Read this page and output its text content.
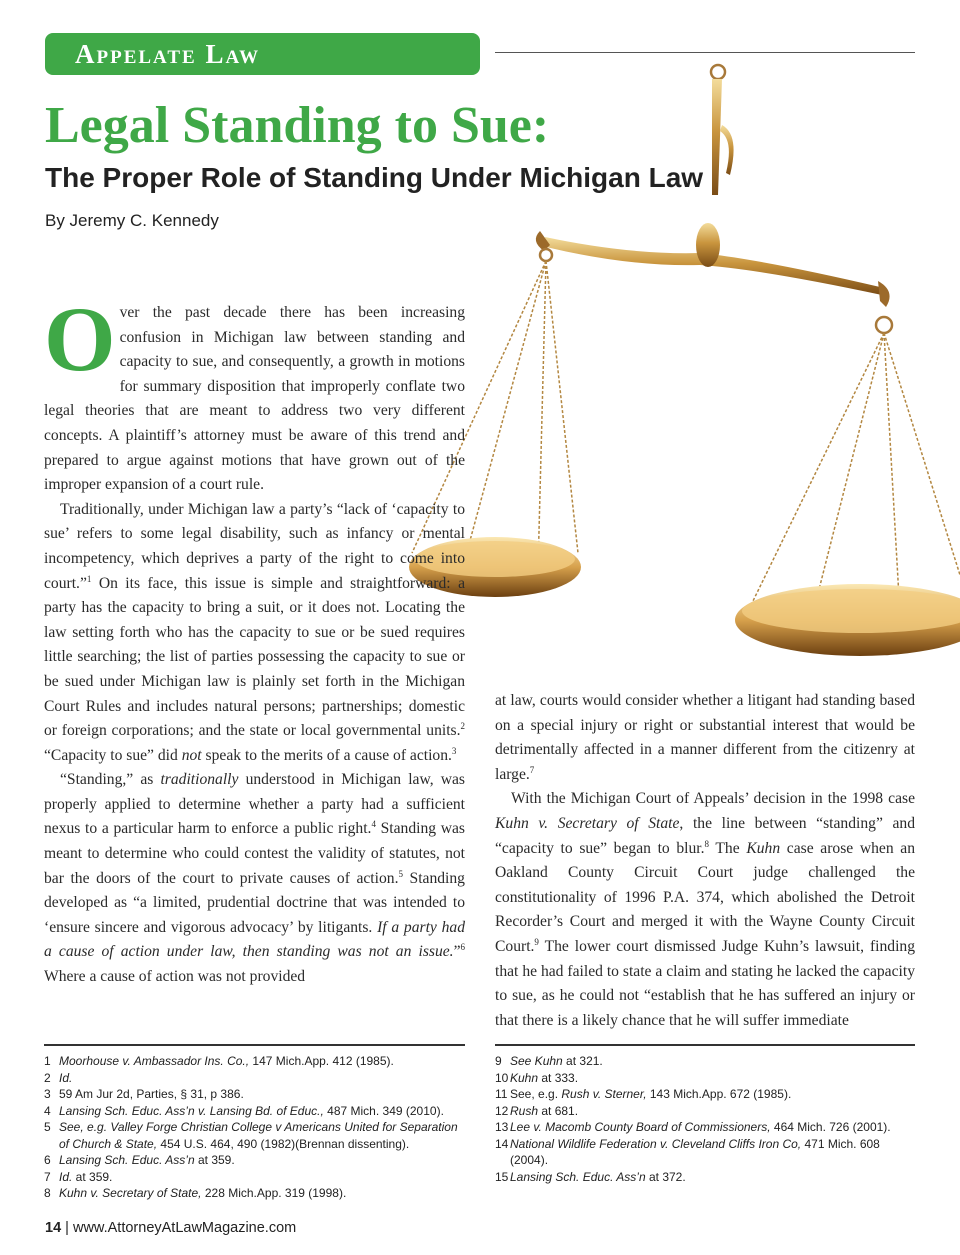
Appelate Law
Legal Standing to Sue:
The Proper Role of Standing Under Michigan Law
By Jeremy C. Kennedy

Over the past decade there has been increasing confusion in Michigan law between standing and capacity to sue, and consequently, a growth in motions for summary disposition that improperly conflate two legal theories that are meant to address two very different concepts. A plaintiff’s attorney must be aware of this trend and prepared to argue against motions that have grown out of the improper expansion of a court rule.

Traditionally, under Michigan law a party’s “lack of ‘capacity to sue’ refers to some legal disability, such as infancy or mental incompetency, which deprives a party of the right to come into court.”$^1$ On its face, this issue is simple and straightforward: a party has the capacity to bring a suit, or it does not. Locating the law setting forth who has the capacity to sue or be sued requires little searching; the list of parties possessing the capacity to sue or be sued under Michigan law is plainly set forth in the Michigan Court Rules and includes natural persons; partnerships; domestic or foreign corporations; and the state or local governmental units.$^2$ “Capacity to sue” did not speak to the merits of a cause of action.$^3$

“Standing,” as traditionally understood in Michigan law, was properly applied to determine whether a party had a sufficient nexus to a particular harm to enforce a public right.$^4$ Standing was meant to determine who could contest the validity of statutes, not bar the doors of the court to private causes of action.$^5$ Standing developed as “a limited, prudential doctrine that was intended to ‘ensure sincere and vigorous advocacy’ by litigants. If a party had a cause of action under law, then standing was not an issue.”$^6$ Where a cause of action was not provided

at law, courts would consider whether a litigant had standing based on a special injury or right or substantial interest that would be detrimentally affected in a manner different from the citizenry at large.$^7$

With the Michigan Court of Appeals’ decision in the 1998 case Kuhn v. Secretary of State, the line between “standing” and “capacity to sue” began to blur.$^8$ The Kuhn case arose when an Oakland County Circuit Court judge challenged the constitutionality of 1996 P.A. 374, which abolished the Detroit Recorder’s Court and merged it with the Wayne County Circuit Court.$^9$ The lower court dismissed Judge Kuhn’s lawsuit, finding that he had failed to state a claim and stating he lacked the capacity to sue, as he could not “establish that he has suffered an injury or that there is a likely chance that he will suffer immediate

1 Moorhouse v. Ambassador Ins. Co., 147 Mich.App. 412 (1985).
2 Id.
3 59 Am Jur 2d, Parties, § 31, p 386.
4 Lansing Sch. Educ. Ass’n v. Lansing Bd. of Educ., 487 Mich. 349 (2010).
5 See, e.g. Valley Forge Christian College v Americans United for Separation
of Church & State, 454 U.S. 464, 490 (1982)(Brennan dissenting).
6 Lansing Sch. Educ. Ass’n at 359.
7 Id. at 359.
8 Kuhn v. Secretary of State, 228 Mich.App. 319 (1998).
9 See Kuhn at 321.
10 Kuhn at 333.
11 See, e.g. Rush v. Sterner, 143 Mich.App. 672 (1985).
12 Rush at 681.
13 Lee v. Macomb County Board of Commissioners, 464 Mich. 726 (2001).
14 National Wildlife Federation v. Cleveland Cliffs Iron Co, 471 Mich. 608
(2004).
15 Lansing Sch. Educ. Ass’n at 372.
14 | www.AttorneyAtLawMagazine.com
